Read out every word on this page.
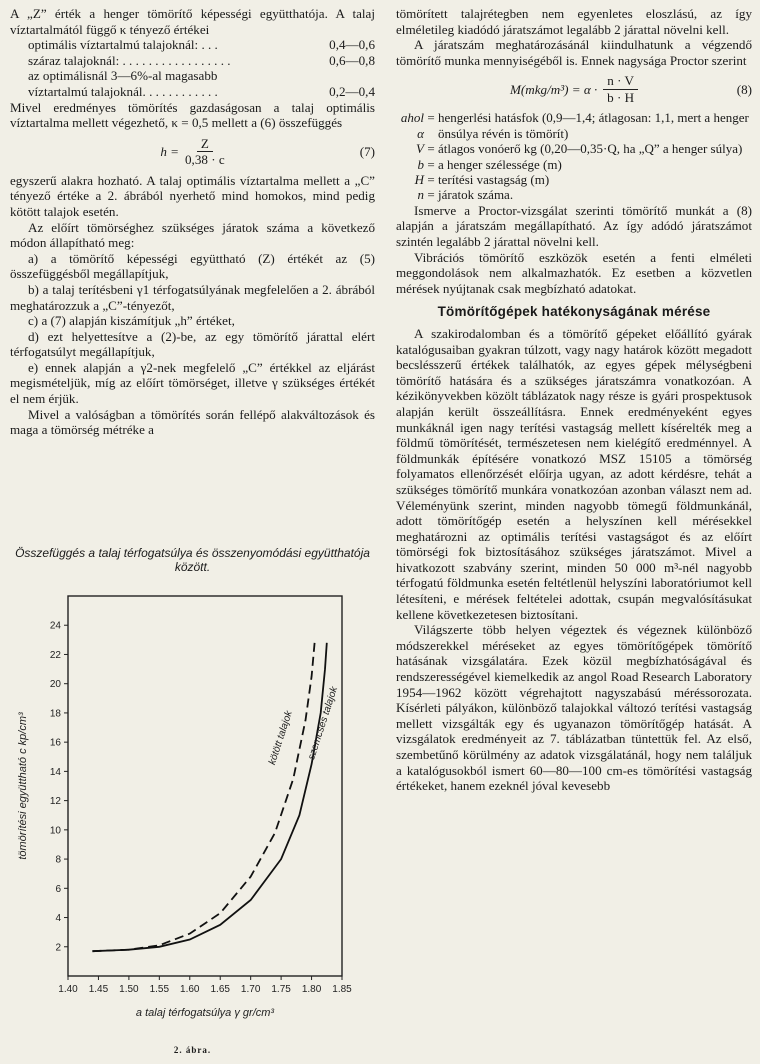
A „Z” érték a henger tömörítő képességi együtthatója. A talaj víztartalmától függő κ tényező értékei

optimális víztartalmú talajoknál: . . .	0,4—0,6
száraz talajoknál: . . . . . . . . . . . . . . . . .	0,6—0,8
az optimálisnál 3—6%-al magasabb
víztartalmú talajoknál. . . . . . . . . . . .	0,2—0,4

Mivel eredményes tömörítés gazdaságosan a talaj optimális víztartalma mellett végezhető, κ = 0,5 mellett a (6) összefüggés

$h = \frac{Z}{0,38 \cdot c}$	(7)

egyszerű alakra hozható. A talaj optimális víztartalma mellett a „C” tényező értéke a 2. ábrából nyerhető mind homokos, mind pedig kötött talajok esetén.

Az előírt tömörséghez szükséges járatok száma a következő módon állapítható meg:

a) a tömörítő képességi együttható (Z) értékét az (5) összefüggésből megállapítjuk,

b) a talaj terítésbeni γ1 térfogatsúlyának megfelelően a 2. ábrából meghatározzuk a „C”-tényezőt,

c) a (7) alapján kiszámítjuk „h” értéket,

d) ezt helyettesítve a (2)-be, az egy tömörítő járattal elért térfogatsúlyt megállapítjuk,

e) ennek alapján a γ2-nek megfelelő „C” értékkel az eljárást megismételjük, míg az előírt tömörséget, illetve γ szükséges értékét el nem érjük.

Mivel a valóságban a tömörítés során fellépő alakváltozások és maga a tömörség métréke a

Összefüggés a talaj térfogatsúlya és összenyomódási együtthatója között.
1.40 1.45 1.50 1.55 1.60 1.65 1.70 1.75 1.80 1.85
2
4
6
8
10
12
14
16
18
20
22
24
a talaj térfogatsúlya γ gr/cm³
tömörítési együttható c kp/cm³	kötött talajok szemcsés talajok
2. ábra.

tömörített talajrétegben nem egyenletes eloszlású, az így elméletileg kiadódó járatszámot legalább 2 járattal növelni kell.

A járatszám meghatározásánál kiindulhatunk a végzendő tömörítő munka mennyiségéből is. Ennek nagysága Proctor szerint

$M(mkg/m^3) = \alpha \cdot \frac{n \cdot V}{b \cdot H}$	(8)
ahol α
= hengerlési hatásfok (0,9—1,4; átlagosan: 1,1, mert a henger önsúlya révén is tömörít)
V = átlagos vonóerő kg (0,20—0,35·Q, ha „Q” a henger súlya)
b = a henger szélessége (m)
H = terítési vastagság (m)
n = járatok száma.

Ismerve a Proctor-vizsgálat szerinti tömörítő munkát a (8) alapján a járatszám megállapítható. Az így adódó járatszámot szintén legalább 2 járattal növelni kell.

Vibrációs tömörítő eszközök esetén a fenti elméleti meggondolások nem alkalmazhatók. Ez esetben a közvetlen mérések nyújtanak csak megbízható adatokat.

Tömörítőgépek hatékonyságának mérése

A szakirodalomban és a tömörítő gépeket előállító gyárak katalógusaiban gyakran túlzott, vagy nagy határok között megadott becslésszerű értékek találhatók, az egyes gépek mélységbeni tömörítő hatására és a szükséges járatszámra vonatkozóan. A kézikönyvekben közölt táblázatok nagy része is gyári prospektusok alapján került összeállításra. Ennek eredményeként egyes munkáknál igen nagy terítési vastagság mellett kísérelték meg a földmű tömörítését, természetesen nem kielégítő eredménnyel. A földmunkák építésére vonatkozó MSZ 15105 a tömörség folyamatos ellenőrzését előírja ugyan, az adott kérdésre, tehát a szükséges tömörítő munkára vonatkozóan azonban választ nem ad. Véleményünk szerint, minden nagyobb tömegű földmunkánál, adott tömörítőgép esetén a helyszínen kell mérésekkel meghatározni az optimális terítési vastagságot és az előírt tömörségi fok biztosításához szükséges járatszámot. Mivel a hivatkozott szabvány szerint, minden 50 000 m³-nél nagyobb térfogatú földmunka esetén feltétlenül helyszíni laboratóriumot kell létesíteni, e mérések feltételei adottak, csupán megvalósításukat kellene következetesen biztosítani.

Világszerte több helyen végeztek és végeznek különböző módszerekkel méréseket az egyes tömörítőgépek tömörítő hatásának vizsgálatára. Ezek közül megbízhatóságával és rendszerességével kiemelkedik az angol Road Research Laboratory 1954—1962 között végrehajtott nagyszabású méréssorozata. Kísérleti pályákon, különböző talajokkal változó terítési vastagság mellett vizsgálták egy és ugyanazon tömörítőgép hatását. A vizsgálatok eredményeit az 7. táblázatban tüntettük fel. Az első, szembetűnő körülmény az adatok vizsgálatánál, hogy nem találjuk a katalógusokból ismert 60—80—100 cm-es tömörítési vastagság értékeket, hanem ezeknél jóval kevesebb
